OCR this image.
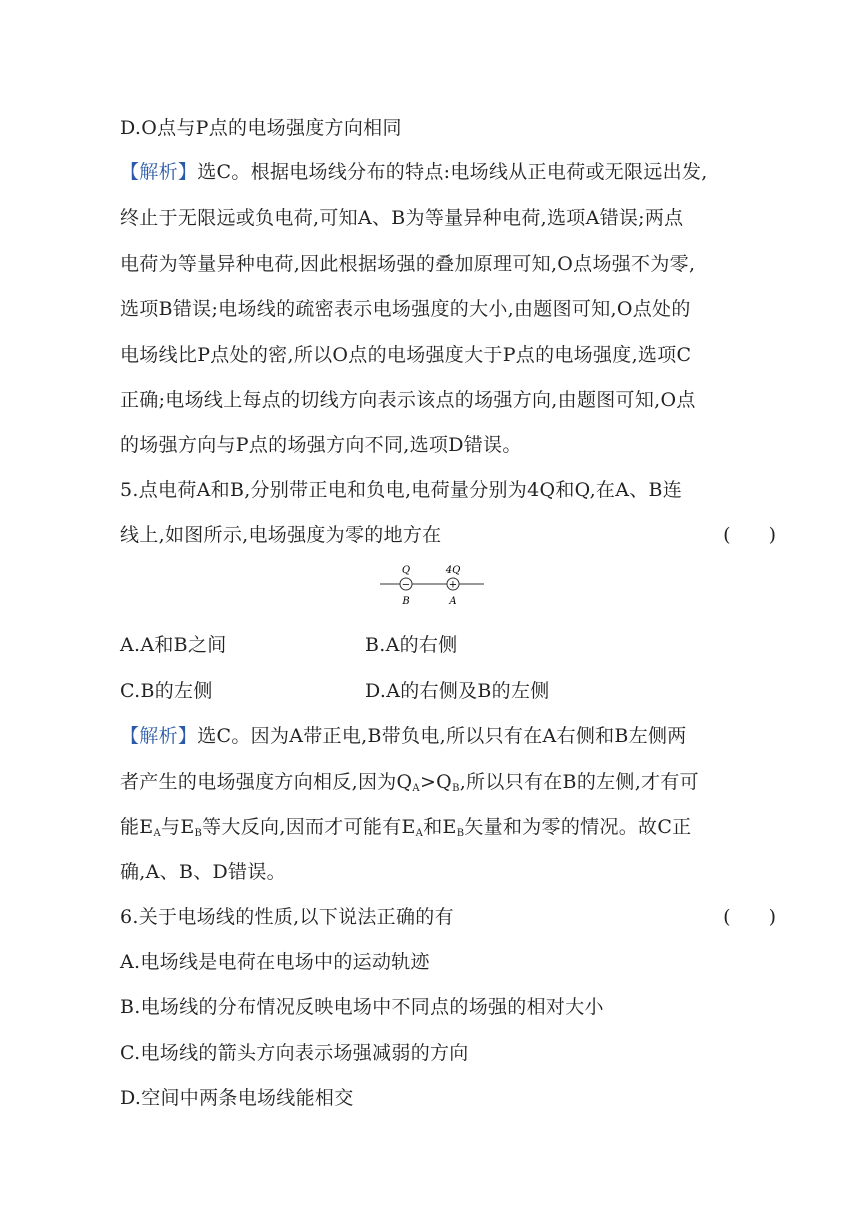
D.O点与P点的电场强度方向相同
【解析】选C。根据电场线分布的特点:电场线从正电荷或无限远出发,
终止于无限远或负电荷,可知A、B为等量异种电荷,选项A错误;两点
电荷为等量异种电荷,因此根据场强的叠加原理可知,O点场强不为零,
选项B错误;电场线的疏密表示电场强度的大小,由题图可知,O点处的
电场线比P点处的密,所以O点的电场强度大于P点的电场强度,选项C
正确;电场线上每点的切线方向表示该点的场强方向,由题图可知,O点
的场强方向与P点的场强方向不同,选项D错误。
5.点电荷A和B,分别带正电和负电,电荷量分别为4Q和Q,在A、B连
线上,如图所示,电场强度为零的地方在	(　　)
−	+
Q	4Q
B	A
A.A和B之间	B.A的右侧
C.B的左侧	D.A的右侧及B的左侧
【解析】选C。因为A带正电,B带负电,所以只有在A右侧和B左侧两
者产生的电场强度方向相反,因为$Q_A>Q_B$,所以只有在B的左侧,才有可
能$E_A$与$E_B$等大反向,因而才可能有$E_A$和$E_B$矢量和为零的情况。故C正
确,A、B、D错误。
6.关于电场线的性质,以下说法正确的有	(　　)
A.电场线是电荷在电场中的运动轨迹
B.电场线的分布情况反映电场中不同点的场强的相对大小
C.电场线的箭头方向表示场强减弱的方向
D.空间中两条电场线能相交
